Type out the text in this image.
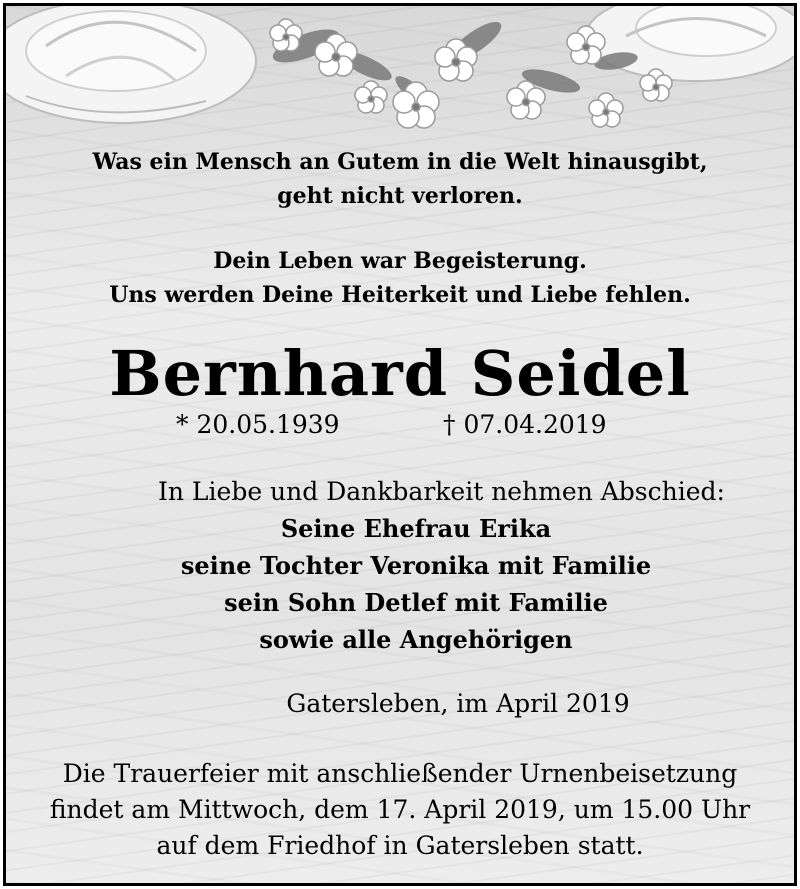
Was ein Mensch an Gutem in die Welt hinausgibt,
geht nicht verloren.
Dein Leben war Begeisterung.
Uns werden Deine Heiterkeit und Liebe fehlen.
Bernhard Seidel
* 20.05.1939	† 07.04.2019
In Liebe und Dankbarkeit nehmen Abschied:
Seine Ehefrau Erika
seine Tochter Veronika mit Familie
sein Sohn Detlef mit Familie
sowie alle Angehörigen
Gatersleben, im April 2019
Die Trauerfeier mit anschließender Urnenbeisetzung
findet am Mittwoch, dem 17. April 2019, um 15.00 Uhr
auf dem Friedhof in Gatersleben statt.
